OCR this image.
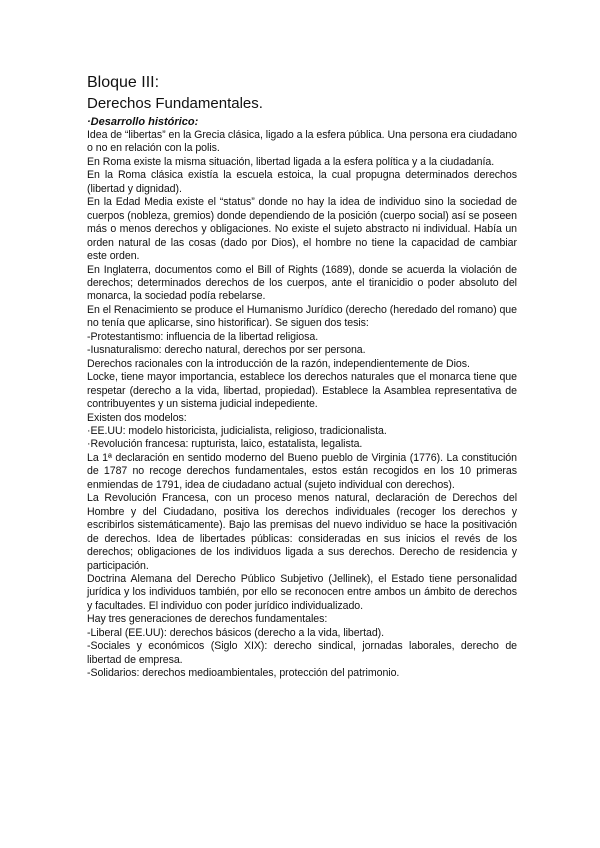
Bloque III:
Derechos Fundamentales.
·Desarrollo histórico:

Idea de “libertas” en la Grecia clásica, ligado a la esfera pública. Una persona era ciudadano o no en relación con la polis.

En Roma existe la misma situación, libertad ligada a la esfera política y a la ciudadanía.

En la Roma clásica existía la escuela estoica, la cual propugna determinados derechos (libertad y dignidad).

En la Edad Media existe el “status” donde no hay la idea de individuo sino la sociedad de cuerpos (nobleza, gremios) donde dependiendo de la posición (cuerpo social) así se poseen más o menos derechos y obligaciones. No existe el sujeto abstracto ni individual. Había un orden natural de las cosas (dado por Dios), el hombre no tiene la capacidad de cambiar este orden.

En Inglaterra, documentos como el Bill of Rights (1689), donde se acuerda la violación de derechos; determinados derechos de los cuerpos, ante el tiranicidio o poder absoluto del monarca, la sociedad podía rebelarse.

En el Renacimiento se produce el Humanismo Jurídico (derecho (heredado del romano) que no tenía que aplicarse, sino historificar). Se siguen dos tesis:

-Protestantismo: influencia de la libertad religiosa.

-Iusnaturalismo: derecho natural, derechos por ser persona.

Derechos racionales con la introducción de la razón, independientemente de Dios.

Locke, tiene mayor importancia, establece los derechos naturales que el monarca tiene que respetar (derecho a la vida, libertad, propiedad). Establece la Asamblea representativa de contribuyentes y un sistema judicial indepediente.

Existen dos modelos:

·EE.UU: modelo historicista, judicialista, religioso, tradicionalista.

·Revolución francesa: rupturista, laico, estatalista, legalista.

La 1ª declaración en sentido moderno del Bueno pueblo de Virginia (1776). La constitución de 1787 no recoge derechos fundamentales, estos están recogidos en los 10 primeras enmiendas de 1791, idea de ciudadano actual (sujeto individual con derechos).

La Revolución Francesa, con un proceso menos natural, declaración de Derechos del Hombre y del Ciudadano, positiva los derechos individuales (recoger los derechos y escribirlos sistemáticamente). Bajo las premisas del nuevo individuo se hace la positivación de derechos. Idea de libertades públicas: consideradas en sus inicios el revés de los derechos; obligaciones de los individuos ligada a sus derechos. Derecho de residencia y participación.

Doctrina Alemana del Derecho Público Subjetivo (Jellinek), el Estado tiene personalidad jurídica y los individuos también, por ello se reconocen entre ambos un ámbito de derechos y facultades. El individuo con poder jurídico individualizado.

Hay tres generaciones de derechos fundamentales:

-Liberal (EE.UU): derechos básicos (derecho a la vida, libertad).

-Sociales y económicos (Siglo XIX): derecho sindical, jornadas laborales, derecho de libertad de empresa.

-Solidarios: derechos medioambientales, protección del patrimonio.
